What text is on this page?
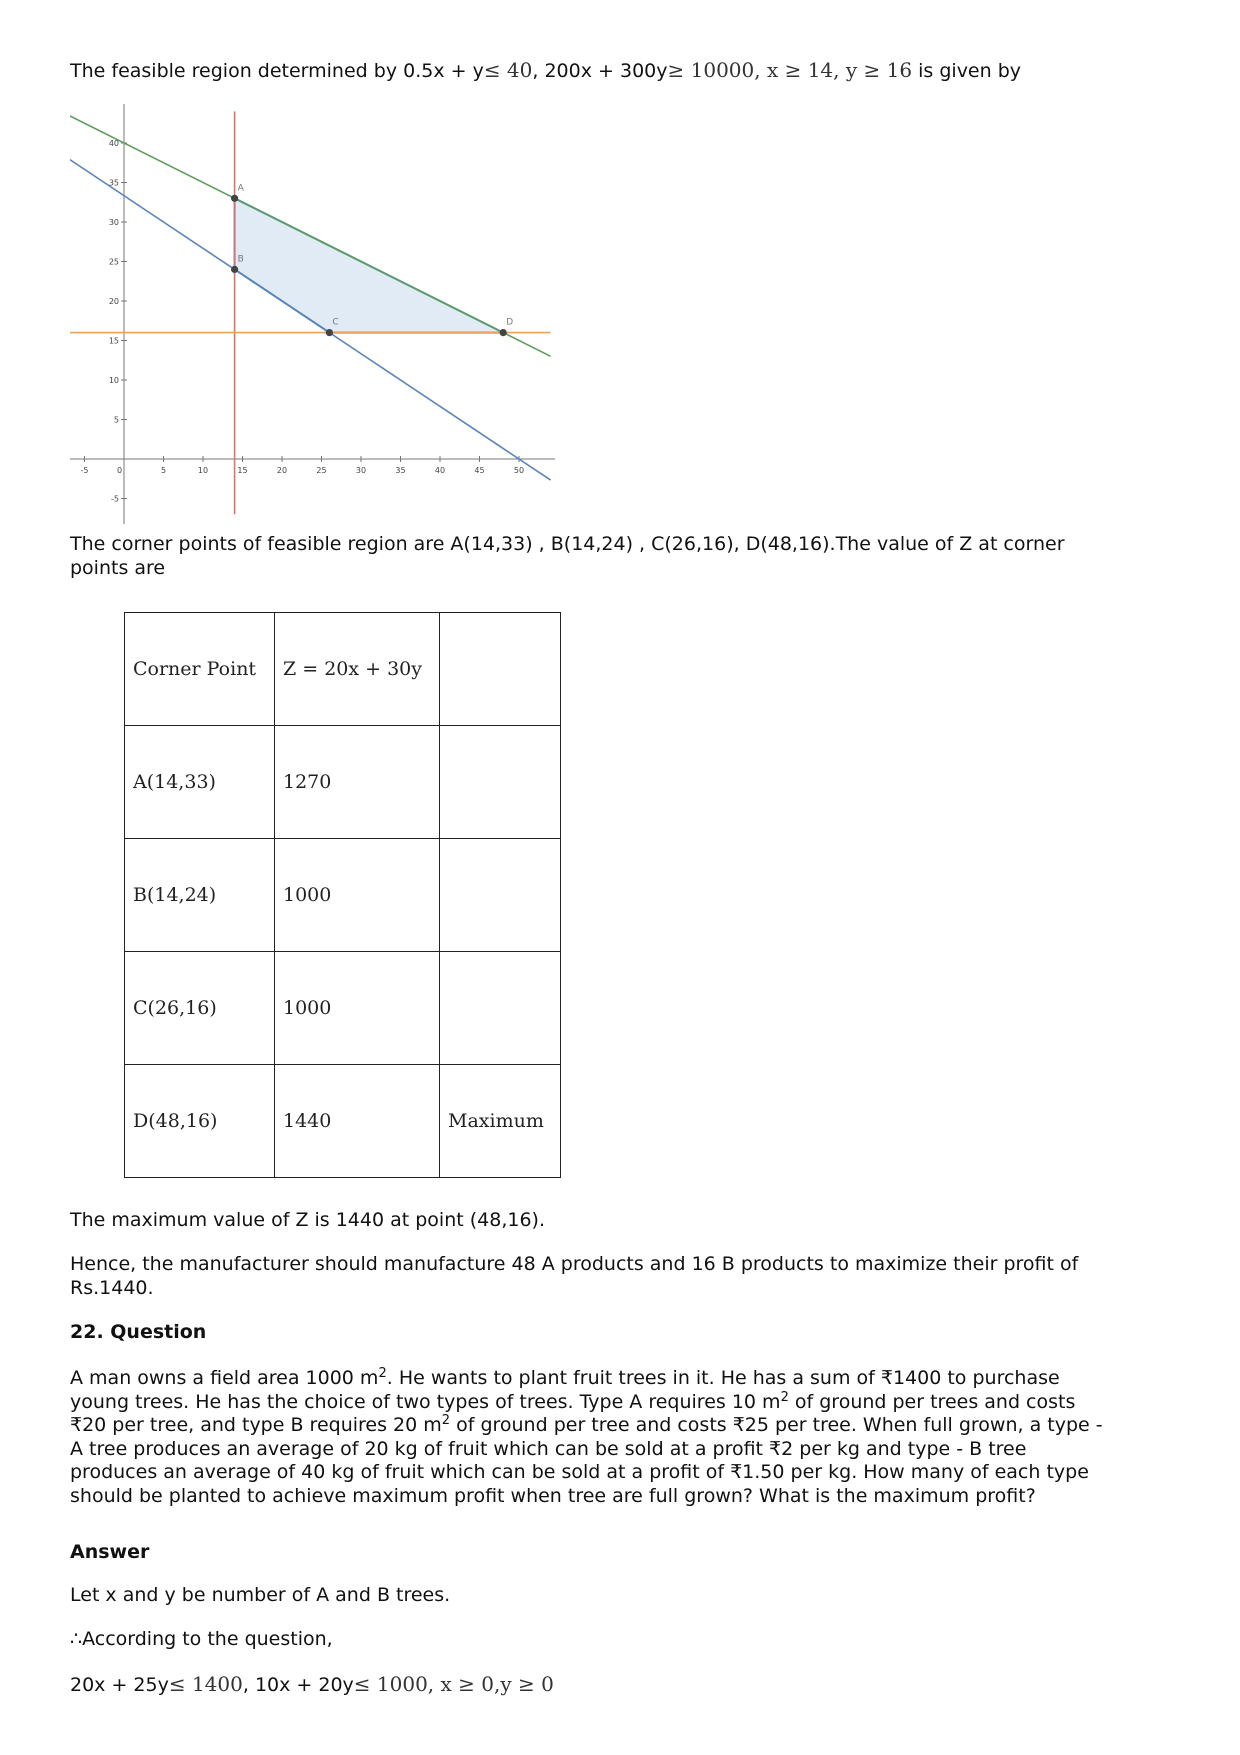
The feasible region determined by 0.5x + y≤ 40, 200x + 300y≥ 10000, x ≥ 14, y ≥ 16 is given by
-5	0	5	10	15	20	25	30	35	40	45	50
-5
5
10
15
20
25
30
35
40
A
B
C	D
The corner points of feasible region are A(14,33) , B(14,24) , C(26,16), D(48,16).The value of Z at corner
points are
Corner Point	Z = 20x + 30y	
A(14,33)	1270	
B(14,24)	1000	
C(26,16)	1000	
D(48,16)	1440	Maximum
The maximum value of Z is 1440 at point (48,16).
Hence, the manufacturer should manufacture 48 A products and 16 B products to maximize their profit of
Rs.1440.
22. Question
A man owns a field area 1000 $m^2$. He wants to plant fruit trees in it. He has a sum of ₹1400 to purchase
young trees. He has the choice of two types of trees. Type A requires 10 $m^2$ of ground per trees and costs
₹20 per tree, and type B requires 20 $m^2$ of ground per tree and costs ₹25 per tree. When full grown, a type -
A tree produces an average of 20 kg of fruit which can be sold at a profit ₹2 per kg and type - B tree
produces an average of 40 kg of fruit which can be sold at a profit of ₹1.50 per kg. How many of each type
should be planted to achieve maximum profit when tree are full grown? What is the maximum profit?
Answer
Let x and y be number of A and B trees.
∴According to the question,
20x + 25y≤ 1400, 10x + 20y≤ 1000, x ≥ 0,y ≥ 0
